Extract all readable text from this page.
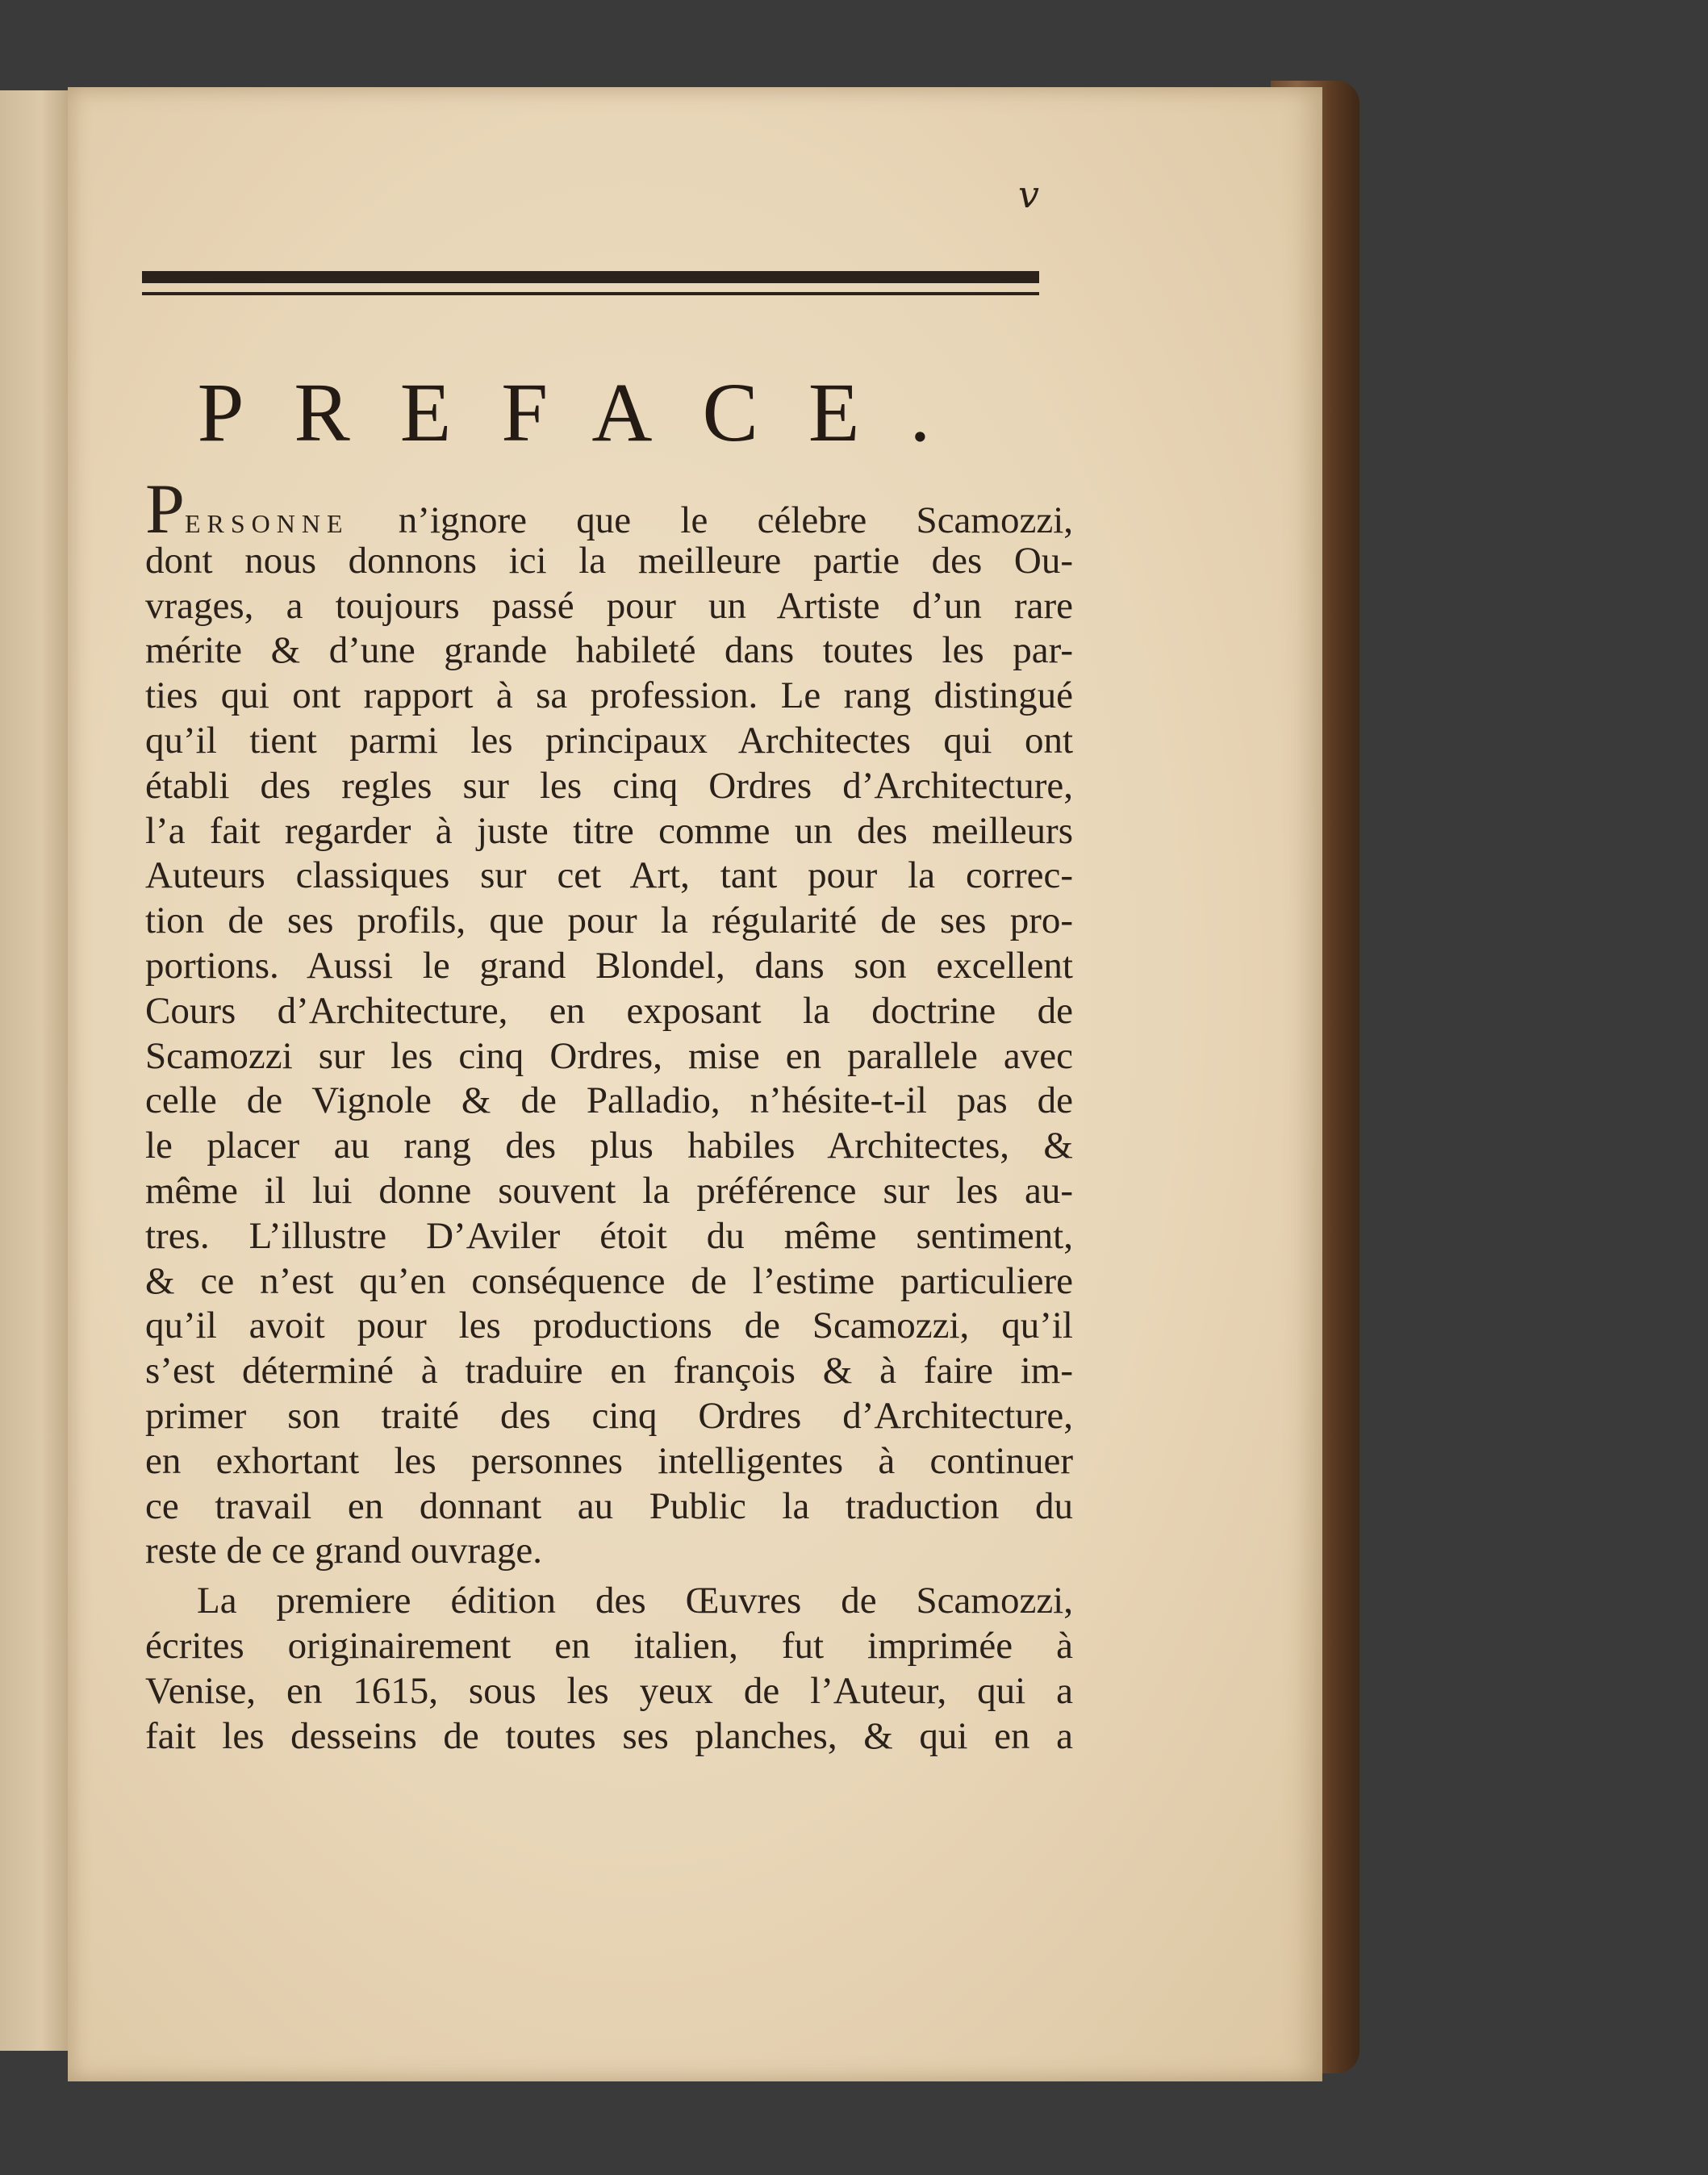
v
PREFACE.
PERSONNE n’ignore que le célebre Scamozzi,
dont nous donnons ici la meilleure partie des Ou-
vrages, a toujours passé pour un Artiste d’un rare
mérite & d’une grande habileté dans toutes les par-
ties qui ont rapport à sa profession. Le rang distingué
qu’il tient parmi les principaux Architectes qui ont
établi des regles sur les cinq Ordres d’Architecture,
l’a fait regarder à juste titre comme un des meilleurs
Auteurs classiques sur cet Art, tant pour la correc-
tion de ses profils, que pour la régularité de ses pro-
portions. Aussi le grand Blondel, dans son excellent
Cours d’Architecture, en exposant la doctrine de
Scamozzi sur les cinq Ordres, mise en parallele avec
celle de Vignole & de Palladio, n’hésite-t-il pas de
le placer au rang des plus habiles Architectes, &
même il lui donne souvent la préférence sur les au-
tres. L’illustre D’Aviler étoit du même sentiment,
& ce n’est qu’en conséquence de l’estime particuliere
qu’il avoit pour les productions de Scamozzi, qu’il
s’est déterminé à traduire en françois & à faire im-
primer son traité des cinq Ordres d’Architecture,
en exhortant les personnes intelligentes à continuer
ce travail en donnant au Public la traduction du
reste de ce grand ouvrage.
La premiere édition des Œuvres de Scamozzi,
écrites originairement en italien, fut imprimée à
Venise, en 1615, sous les yeux de l’Auteur, qui a
fait les desseins de toutes ses planches, & qui en a
